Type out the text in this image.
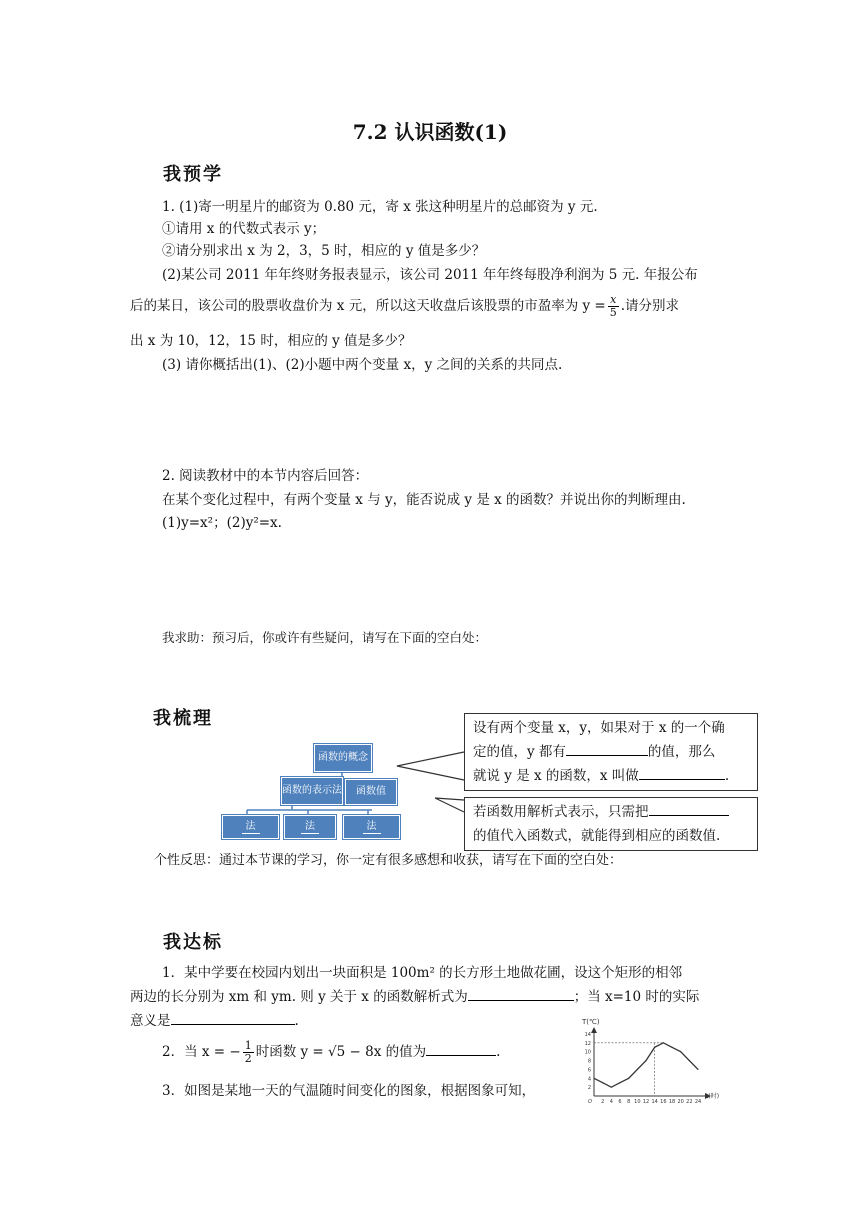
7.2 认识函数(1)
我预学
1. (1)寄一明星片的邮资为 0.80 元，寄 x 张这种明星片的总邮资为 y 元.
①请用 x 的代数式表示 y；
②请分别求出 x 为 2，3，5 时，相应的 y 值是多少？
(2)某公司 2011 年年终财务报表显示，该公司 2011 年年终每股净利润为 5 元. 年报公布
后的某日，该公司的股票收盘价为 x 元，所以这天收盘后该股票的市盈率为 $y = \frac{x}{5}$ .请分别求
出 x 为 10，12，15 时，相应的 y 值是多少？
(3) 请你概括出(1)、(2)小题中两个变量 x，y 之间的关系的共同点.
2. 阅读教材中的本节内容后回答：
在某个变化过程中，有两个变量 x 与 y，能否说成 y 是 x 的函数？并说出你的判断理由.
(1)y=x²；(2)y²=x.
我求助：预习后，你或许有些疑问，请写在下面的空白处：
我梳理
函数的概念
函数的表示法 函数值
法	法	法
设有两个变量 x，y，如果对于 x 的一个确
定的值，y 都有	的值，那么
就说 y 是 x 的函数，x 叫做	.
若函数用解析式表示，只需把
的值代入函数式，就能得到相应的函数值.
个性反思：通过本节课的学习，你一定有很多感想和收获，请写在下面的空白处：
我达标
1．某中学要在校园内划出一块面积是 100m² 的长方形土地做花圃，设这个矩形的相邻
两边的长分别为 xm 和 ym. 则 y 关于 x 的函数解析式为	；当 x=10 时的实际
意义是	.
2．当 x = − $\frac{1}{2}$ 时函数 y = √5 − 8x 的值为	.
3．如图是某地一天的气温随时间变化的图象，根据图象可知，
T(℃)
t(时)
14
12
10
8
6
4
2
O 2 4 6 8 10 12 14 16 18 20 22 24
